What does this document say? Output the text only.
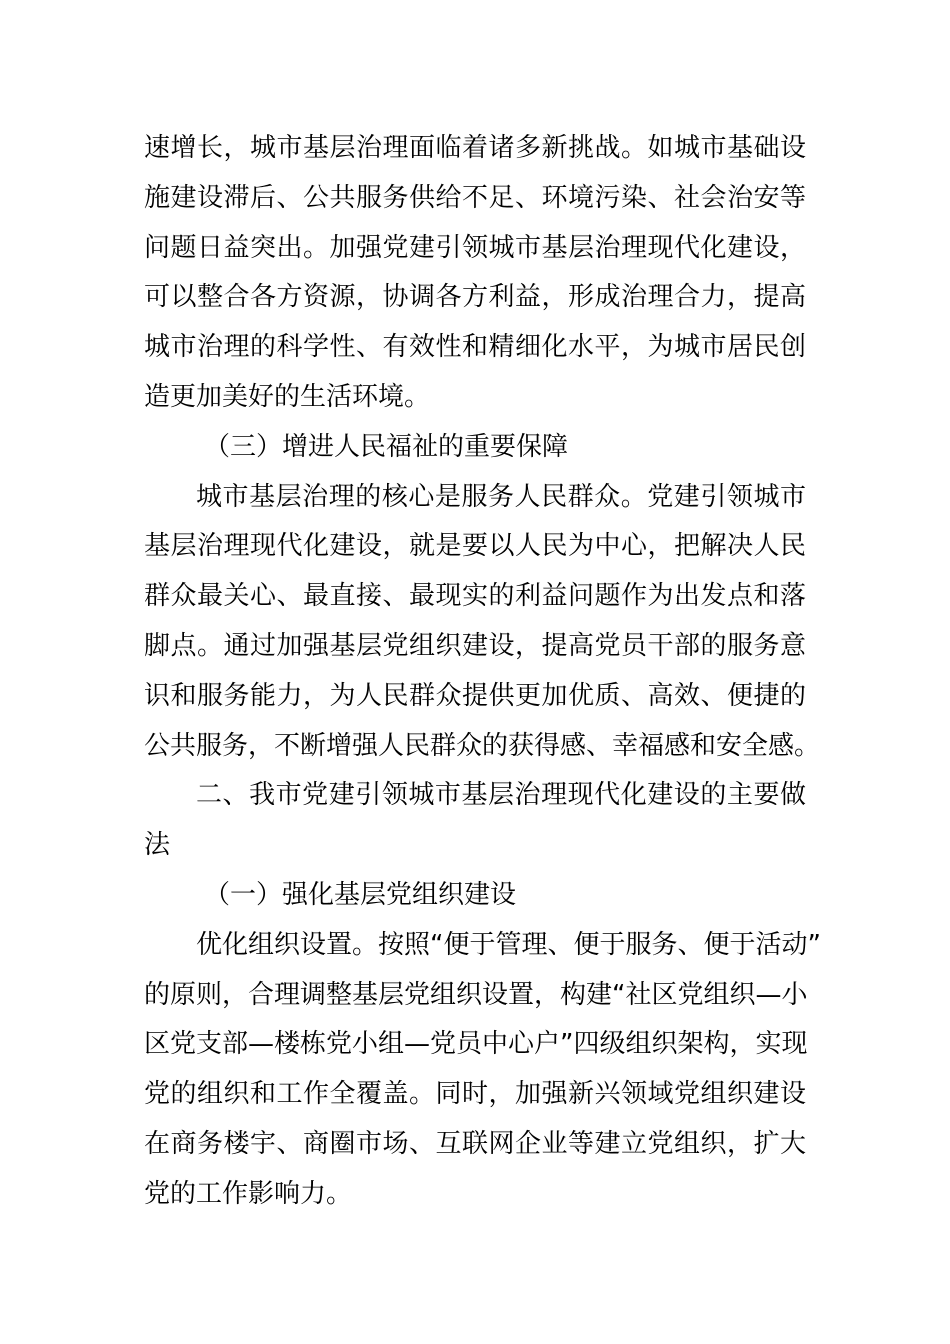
速增长，城市基层治理面临着诸多新挑战。如城市基础设
施建设滞后、公共服务供给不足、环境污染、社会治安等
问题日益突出。加强党建引领城市基层治理现代化建设，
可以整合各方资源，协调各方利益，形成治理合力，提高
城市治理的科学性、有效性和精细化水平，为城市居民创
造更加美好的生活环境。
（三）增进人民福祉的重要保障
城市基层治理的核心是服务人民群众。党建引领城市
基层治理现代化建设，就是要以人民为中心，把解决人民
群众最关心、最直接、最现实的利益问题作为出发点和落
脚点。通过加强基层党组织建设，提高党员干部的服务意
识和服务能力，为人民群众提供更加优质、高效、便捷的
公共服务，不断增强人民群众的获得感、幸福感和安全感。
二、我市党建引领城市基层治理现代化建设的主要做
法
（一）强化基层党组织建设
优化组织设置。按照“便于管理、便于服务、便于活动”
的原则，合理调整基层党组织设置，构建“社区党组织—小
区党支部—楼栋党小组—党员中心户”四级组织架构，实现
党的组织和工作全覆盖。同时，加强新兴领域党组织建设
在商务楼宇、商圈市场、互联网企业等建立党组织，扩大
党的工作影响力。
